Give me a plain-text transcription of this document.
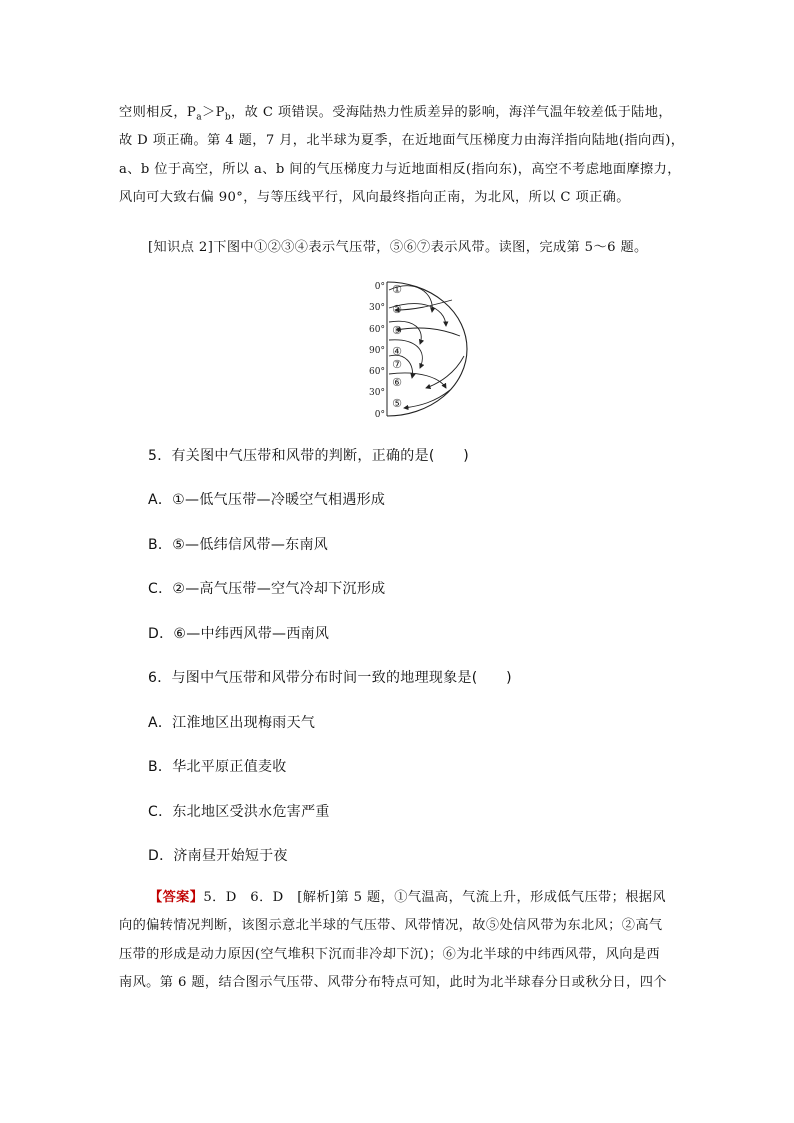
空则相反，$P_a>P_b$，故 C 项错误。受海陆热力性质差异的影响，海洋气温年较差低于陆地，
故 D 项正确。第 4 题，7 月，北半球为夏季，在近地面气压梯度力由海洋指向陆地(指向西)，
a、b 位于高空，所以 a、b 间的气压梯度力与近地面相反(指向东)，高空不考虑地面摩擦力，
风向可大致右偏 90°，与等压线平行，风向最终指向正南，为北风，所以 C 项正确。
[知识点 2]下图中①②③④表示气压带，⑤⑥⑦表示风带。读图，完成第 5～6 题。
0°
30°
60°
90°
60°
30°
0°
①
②
③
④
⑦
⑥
⑤
5．有关图中气压带和风带的判断，正确的是(　　)
A．①—低气压带—冷暖空气相遇形成
B．⑤—低纬信风带—东南风
C．②—高气压带—空气冷却下沉形成
D．⑥—中纬西风带—西南风
6．与图中气压带和风带分布时间一致的地理现象是(　　)
A．江淮地区出现梅雨天气
B．华北平原正值麦收
C．东北地区受洪水危害严重
D．济南昼开始短于夜
【答案】5．D　6．D　[解析]第 5 题，①气温高，气流上升，形成低气压带；根据风
向的偏转情况判断，该图示意北半球的气压带、风带情况，故⑤处信风带为东北风；②高气
压带的形成是动力原因(空气堆积下沉而非冷却下沉)；⑥为北半球的中纬西风带，风向是西
南风。第 6 题，结合图示气压带、风带分布特点可知，此时为北半球春分日或秋分日，四个
